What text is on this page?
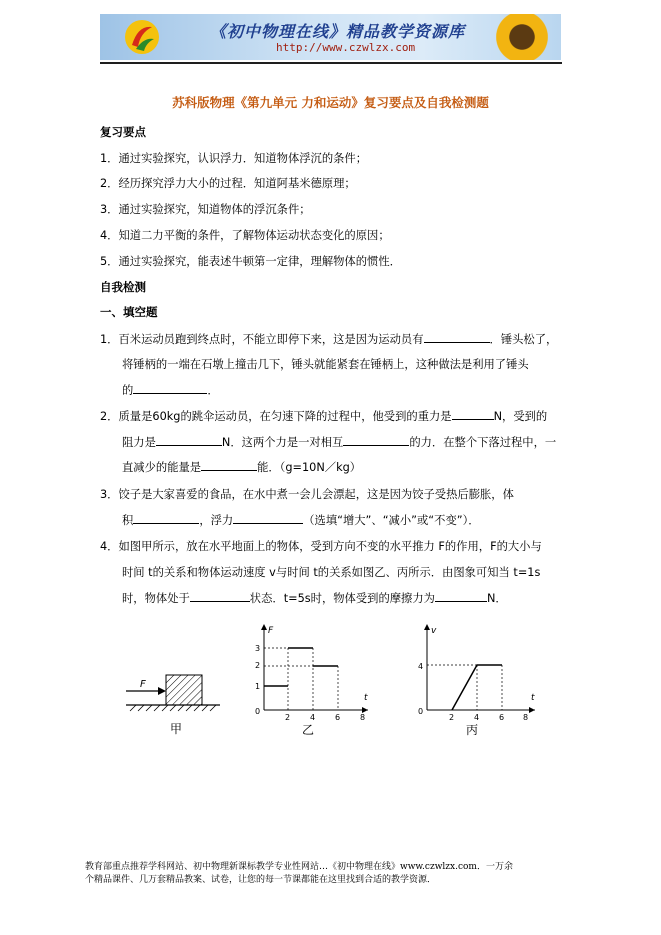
《初中物理在线》精品教学资源库
http://www.czwlzx.com
苏科版物理《第九单元 力和运动》复习要点及自我检测题
复习要点
1．通过实验探究，认识浮力．知道物体浮沉的条件；
2．经历探究浮力大小的过程．知道阿基米德原理；
3．通过实验探究，知道物体的浮沉条件；
4．知道二力平衡的条件，了解物体运动状态变化的原因；
5．通过实验探究，能表述牛顿第一定律，理解物体的惯性．
自我检测
一、填空题
1．百米运动员跑到终点时，不能立即停下来，这是因为运动员有	．锤头松了，
将锤柄的一端在石墩上撞击几下，锤头就能紧套在锤柄上，这种做法是利用了锤头
的	．
2．质量是60kg的跳伞运动员，在匀速下降的过程中，他受到的重力是	N，受到的
阻力是	N．这两个力是一对相互	的力．在整个下落过程中，一
直减少的能量是	能．（g=10N／kg）
3．饺子是大家喜爱的食品，在水中煮一会儿会漂起，这是因为饺子受热后膨胀，体
积	，浮力	（选填“增大”、“减小”或“不变”）．
4．如图甲所示，放在水平地面上的物体，受到方向不变的水平推力 F的作用，F的大小与
时间 t的关系和物体运动速度 v与时间 t的关系如图乙、丙所示．由图象可知当 t=1s
时，物体处于	状态．t=5s时，物体受到的摩擦力为	N．
F
甲
F
t
0
2 4 6 8
1
2
3
乙
v
t
0
2 4 6 8
4
丙
教育部重点推荐学科网站、初中物理新课标教学专业性网站…《初中物理在线》www.czwlzx.com．一万余
个精品课件、几万套精品教案、试卷，让您的每一节课都能在这里找到合适的教学资源．
